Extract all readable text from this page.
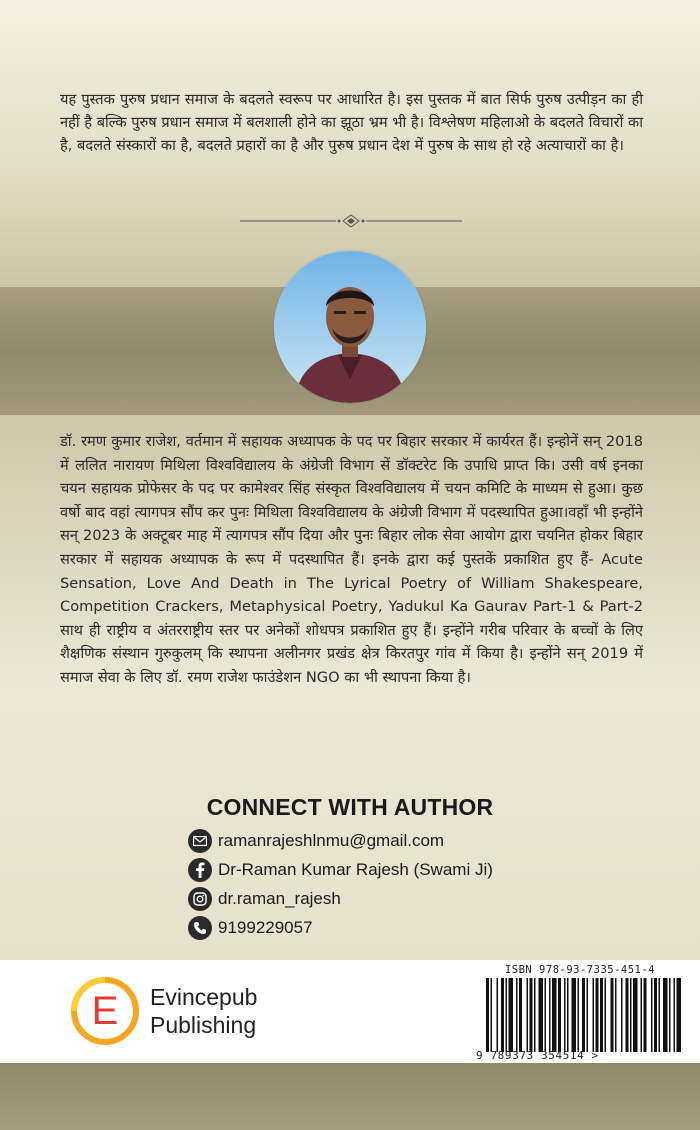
यह पुस्तक पुरुष प्रधान समाज के बदलते स्वरूप पर आधारित है। इस पुस्तक में बात सिर्फ पुरुष उत्पीड़न का ही नहीं है बल्कि पुरुष प्रधान समाज में बलशाली होने का झूठा भ्रम भी है। विश्लेषण महिलाओ के बदलते विचारों का है, बदलते संस्कारों का है, बदलते प्रहारों का है और पुरुष प्रधान देश में पुरुष के साथ हो रहे अत्याचारों का है।

डॉ. रमण कुमार राजेश, वर्तमान में सहायक अध्यापक के पद पर बिहार सरकार में कार्यरत हैं। इन्होनें सन् 2018 में ललित नारायण मिथिला विश्वविद्यालय के अंग्रेजी विभाग सें डॉक्टरेट कि उपाधि प्राप्त कि। उसी वर्ष इनका चयन सहायक प्रोफेसर के पद पर कामेश्वर सिंह संस्कृत विश्वविद्यालय में चयन कमिटि के माध्यम से हुआ। कुछ वर्षो बाद वहां त्यागपत्र सौंप कर पुनः मिथिला विश्वविद्यालय के अंग्रेजी विभाग में पदस्थापित हुआ।वहाँ भी इन्होंने सन् 2023 के अक्टूबर माह में त्यागपत्र सौंप दिया और पुनः बिहार लोक सेवा आयोग द्वारा चयनित होकर बिहार सरकार में सहायक अध्यापक के रूप में पदस्थापित हैं। इनके द्वारा कई पुस्तकें प्रकाशित हुए हैं- Acute Sensation, Love And Death in The Lyrical Poetry of William Shakespeare, Competition Crackers, Metaphysical Poetry, Yadukul Ka Gaurav Part-1 & Part-2 साथ ही राष्ट्रीय व अंतरराष्ट्रीय स्तर पर अनेकों शोधपत्र प्रकाशित हुए हैं। इन्होंने गरीब परिवार के बच्चों के लिए शैक्षणिक संस्थान गुरुकुलम् कि स्थापना अलीनगर प्रखंड क्षेत्र किरतपुर गांव में किया है। इन्होंने सन् 2019 में समाज सेवा के लिए डॉ. रमण राजेश फाउंडेशन NGO का भी स्थापना किया है।

CONNECT WITH AUTHOR
ramanrajeshlnmu@gmail.com
Dr-Raman Kumar Rajesh (Swami Ji)
dr.raman_rajesh
9199229057
E Evincepub
Publishing
ISBN 978-93-7335-451-4
9 789373 354514 >
